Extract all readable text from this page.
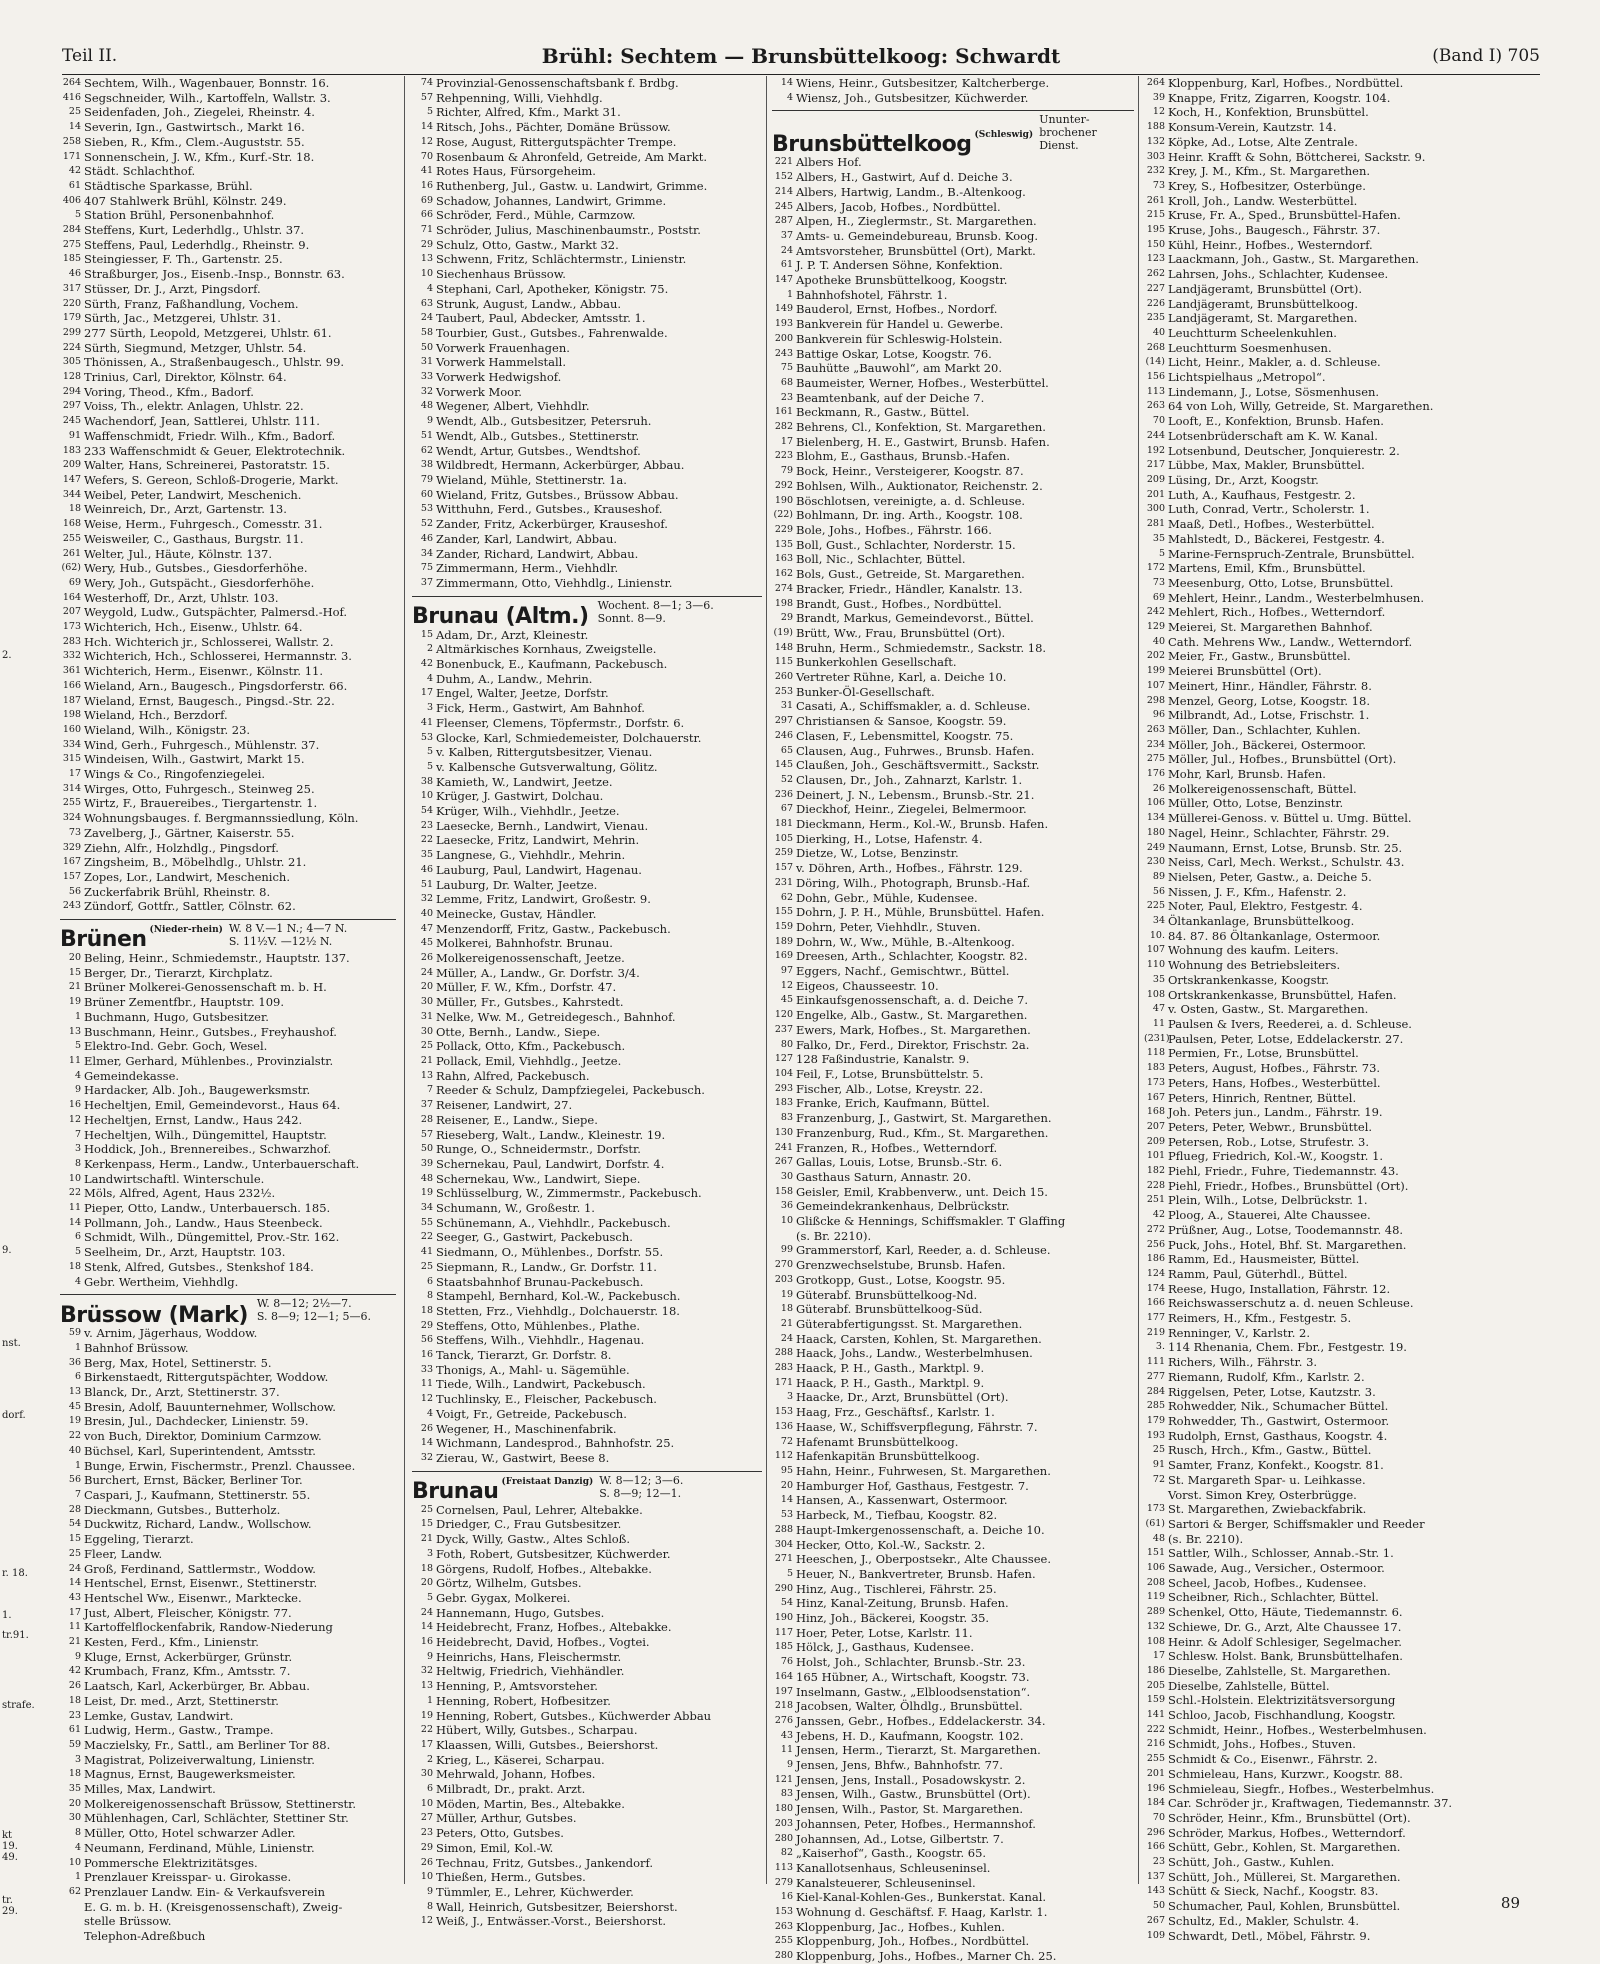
Teil II.	Brühl: Sechtem — Brunsbüttelkoog: Schwardt	(Band I) 705
2.
9.
nst.
dorf.
r. 18.
1.
tr.91.
strafe.
kt 19.
49.
tr. 29.
264 Sechtem, Wilh., Wagenbauer, Bonnstr. 16.
416 Segschneider, Wilh., Kartoffeln, Wallstr. 3.
25 Seidenfaden, Joh., Ziegelei, Rheinstr. 4.
14 Severin, Ign., Gastwirtsch., Markt 16.
258 Sieben, R., Kfm., Clem.-Auguststr. 55.
171 Sonnenschein, J. W., Kfm., Kurf.-Str. 18.
42 Städt. Schlachthof.
61 Städtische Sparkasse, Brühl.
406 407 Stahlwerk Brühl, Kölnstr. 249.
5 Station Brühl, Personenbahnhof.
284 Steffens, Kurt, Lederhdlg., Uhlstr. 37.
275 Steffens, Paul, Lederhdlg., Rheinstr. 9.
185 Steingiesser, F. Th., Gartenstr. 25.
46 Straßburger, Jos., Eisenb.-Insp., Bonnstr. 63.
317 Stüsser, Dr. J., Arzt, Pingsdorf.
220 Sürth, Franz, Faßhandlung, Vochem.
179 Sürth, Jac., Metzgerei, Uhlstr. 31.
299 277 Sürth, Leopold, Metzgerei, Uhlstr. 61.
224 Sürth, Siegmund, Metzger, Uhlstr. 54.
305 Thönissen, A., Straßenbaugesch., Uhlstr. 99.
128 Trinius, Carl, Direktor, Kölnstr. 64.
294 Voring, Theod., Kfm., Badorf.
297 Voiss, Th., elektr. Anlagen, Uhlstr. 22.
245 Wachendorf, Jean, Sattlerei, Uhlstr. 111.
91 Waffenschmidt, Friedr. Wilh., Kfm., Badorf.
183 233 Waffenschmidt & Geuer, Elektrotechnik.
209 Walter, Hans, Schreinerei, Pastoratstr. 15.
147 Wefers, S. Gereon, Schloß-Drogerie, Markt.
344 Weibel, Peter, Landwirt, Meschenich.
18 Weinreich, Dr., Arzt, Gartenstr. 13.
168 Weise, Herm., Fuhrgesch., Comesstr. 31.
255 Weisweiler, C., Gasthaus, Burgstr. 11.
261 Welter, Jul., Häute, Kölnstr. 137.
(62) Wery, Hub., Gutsbes., Giesdorferhöhe.
69 Wery, Joh., Gutspächt., Giesdorferhöhe.
164 Westerhoff, Dr., Arzt, Uhlstr. 103.
207 Weygold, Ludw., Gutspächter, Palmersd.-Hof.
173 Wichterich, Hch., Eisenw., Uhlstr. 64.
283 Hch. Wichterich jr., Schlosserei, Wallstr. 2.
332 Wichterich, Hch., Schlosserei, Hermannstr. 3.
361 Wichterich, Herm., Eisenwr., Kölnstr. 11.
166 Wieland, Arn., Baugesch., Pingsdorferstr. 66.
187 Wieland, Ernst, Baugesch., Pingsd.-Str. 22.
198 Wieland, Hch., Berzdorf.
160 Wieland, Wilh., Königstr. 23.
334 Wind, Gerh., Fuhrgesch., Mühlenstr. 37.
315 Windeisen, Wilh., Gastwirt, Markt 15.
17 Wings & Co., Ringofenziegelei.
314 Wirges, Otto, Fuhrgesch., Steinweg 25.
255 Wirtz, F., Brauereibes., Tiergartenstr. 1.
324 Wohnungsbauges. f. Bergmannssiedlung, Köln.
73 Zavelberg, J., Gärtner, Kaiserstr. 55.
329 Ziehn, Alfr., Holzhdlg., Pingsdorf.
167 Zingsheim, B., Möbelhdlg., Uhlstr. 21.
157 Zopes, Lor., Landwirt, Meschenich.
56 Zuckerfabrik Brühl, Rheinstr. 8.
243 Zündorf, Gottfr., Sattler, Cölnstr. 62.
Brünen (Nieder-rhein) W. 8 V.—1 N.; 4—7 N.
S. 11½V. —12½ N.
20 Beling, Heinr., Schmiedemstr., Hauptstr. 137.
15 Berger, Dr., Tierarzt, Kirchplatz.
21 Brüner Molkerei-Genossenschaft m. b. H.
19 Brüner Zementfbr., Hauptstr. 109.
1 Buchmann, Hugo, Gutsbesitzer.
13 Buschmann, Heinr., Gutsbes., Freyhaushof.
5 Elektro-Ind. Gebr. Goch, Wesel.
11 Elmer, Gerhard, Mühlenbes., Provinzialstr.
4 Gemeindekasse.
9 Hardacker, Alb. Joh., Baugewerksmstr.
16 Hecheltjen, Emil, Gemeindevorst., Haus 64.
12 Hecheltjen, Ernst, Landw., Haus 242.
7 Hecheltjen, Wilh., Düngemittel, Hauptstr.
3 Hoddick, Joh., Brennereibes., Schwarzhof.
8 Kerkenpass, Herm., Landw., Unterbauerschaft.
10 Landwirtschaftl. Winterschule.
22 Möls, Alfred, Agent, Haus 232½.
11 Pieper, Otto, Landw., Unterbauersch. 185.
14 Pollmann, Joh., Landw., Haus Steenbeck.
6 Schmidt, Wilh., Düngemittel, Prov.-Str. 162.
5 Seelheim, Dr., Arzt, Hauptstr. 103.
18 Stenk, Alfred, Gutsbes., Stenkshof 184.
4 Gebr. Wertheim, Viehhdlg.
Brüssow (Mark) W. 8—12; 2½—7.
S. 8—9; 12—1; 5—6.
59 v. Arnim, Jägerhaus, Woddow.
1 Bahnhof Brüssow.
36 Berg, Max, Hotel, Settinerstr. 5.
6 Birkenstaedt, Rittergutspächter, Woddow.
13 Blanck, Dr., Arzt, Stettinerstr. 37.
45 Bresin, Adolf, Bauunternehmer, Wollschow.
19 Bresin, Jul., Dachdecker, Linienstr. 59.
22 von Buch, Direktor, Dominium Carmzow.
40 Büchsel, Karl, Superintendent, Amtsstr.
1 Bunge, Erwin, Fischermstr., Prenzl. Chaussee.
56 Burchert, Ernst, Bäcker, Berliner Tor.
7 Caspari, J., Kaufmann, Stettinerstr. 55.
28 Dieckmann, Gutsbes., Butterholz.
54 Duckwitz, Richard, Landw., Wollschow.
15 Eggeling, Tierarzt.
25 Fleer, Landw.
24 Groß, Ferdinand, Sattlermstr., Woddow.
14 Hentschel, Ernst, Eisenwr., Stettinerstr.
43 Hentschel Ww., Eisenwr., Marktecke.
17 Just, Albert, Fleischer, Königstr. 77.
11 Kartoffelflockenfabrik, Randow-Niederung
21 Kesten, Ferd., Kfm., Linienstr.
9 Kluge, Ernst, Ackerbürger, Grünstr.
42 Krumbach, Franz, Kfm., Amtsstr. 7.
26 Laatsch, Karl, Ackerbürger, Br. Abbau.
18 Leist, Dr. med., Arzt, Stettinerstr.
23 Lemke, Gustav, Landwirt.
61 Ludwig, Herm., Gastw., Trampe.
59 Maczielsky, Fr., Sattl., am Berliner Tor 88.
3 Magistrat, Polizeiverwaltung, Linienstr.
18 Magnus, Ernst, Baugewerksmeister.
35 Milles, Max, Landwirt.
20 Molkereigenossenschaft Brüssow, Stettinerstr.
30 Mühlenhagen, Carl, Schlächter, Stettiner Str.
8 Müller, Otto, Hotel schwarzer Adler.
4 Neumann, Ferdinand, Mühle, Linienstr.
10 Pommersche Elektrizitätsges.
1 Prenzlauer Kreisspar- u. Girokasse.
62 Prenzlauer Landw. Ein- & Verkaufsverein
E. G. m. b. H. (Kreisgenossenschaft), Zweig-
stelle Brüssow.
Telephon-Adreßbuch
74 Provinzial-Genossenschaftsbank f. Brdbg.
57 Rehpenning, Willi, Viehhdlg.
5 Richter, Alfred, Kfm., Markt 31.
14 Ritsch, Johs., Pächter, Domäne Brüssow.
12 Rose, August, Rittergutspächter Trempe.
70 Rosenbaum & Ahronfeld, Getreide, Am Markt.
41 Rotes Haus, Fürsorgeheim.
16 Ruthenberg, Jul., Gastw. u. Landwirt, Grimme.
69 Schadow, Johannes, Landwirt, Grimme.
66 Schröder, Ferd., Mühle, Carmzow.
71 Schröder, Julius, Maschinenbaumstr., Poststr.
29 Schulz, Otto, Gastw., Markt 32.
13 Schwenn, Fritz, Schlächtermstr., Linienstr.
10 Siechenhaus Brüssow.
4 Stephani, Carl, Apotheker, Königstr. 75.
63 Strunk, August, Landw., Abbau.
24 Taubert, Paul, Abdecker, Amtsstr. 1.
58 Tourbier, Gust., Gutsbes., Fahrenwalde.
50 Vorwerk Frauenhagen.
31 Vorwerk Hammelstall.
33 Vorwerk Hedwigshof.
32 Vorwerk Moor.
48 Wegener, Albert, Viehhdlr.
9 Wendt, Alb., Gutsbesitzer, Petersruh.
51 Wendt, Alb., Gutsbes., Stettinerstr.
62 Wendt, Artur, Gutsbes., Wendtshof.
38 Wildbredt, Hermann, Ackerbürger, Abbau.
79 Wieland, Mühle, Stettinerstr. 1a.
60 Wieland, Fritz, Gutsbes., Brüssow Abbau.
53 Witthuhn, Ferd., Gutsbes., Krauseshof.
52 Zander, Fritz, Ackerbürger, Krauseshof.
46 Zander, Karl, Landwirt, Abbau.
34 Zander, Richard, Landwirt, Abbau.
75 Zimmermann, Herm., Viehhdlr.
37 Zimmermann, Otto, Viehhdlg., Linienstr.
Brunau (Altm.) Wochent. 8—1; 3—6.
Sonnt. 8—9.
15 Adam, Dr., Arzt, Kleinestr.
2 Altmärkisches Kornhaus, Zweigstelle.
42 Bonenbuck, E., Kaufmann, Packebusch.
4 Duhm, A., Landw., Mehrin.
17 Engel, Walter, Jeetze, Dorfstr.
3 Fick, Herm., Gastwirt, Am Bahnhof.
41 Fleenser, Clemens, Töpfermstr., Dorfstr. 6.
53 Glocke, Karl, Schmiedemeister, Dolchauerstr.
5 v. Kalben, Rittergutsbesitzer, Vienau.
5 v. Kalbensche Gutsverwaltung, Gölitz.
38 Kamieth, W., Landwirt, Jeetze.
10 Krüger, J. Gastwirt, Dolchau.
54 Krüger, Wilh., Viehhdlr., Jeetze.
23 Laesecke, Bernh., Landwirt, Vienau.
22 Laesecke, Fritz, Landwirt, Mehrin.
35 Langnese, G., Viehhdlr., Mehrin.
46 Lauburg, Paul, Landwirt, Hagenau.
51 Lauburg, Dr. Walter, Jeetze.
32 Lemme, Fritz, Landwirt, Großestr. 9.
40 Meinecke, Gustav, Händler.
47 Menzendorff, Fritz, Gastw., Packebusch.
45 Molkerei, Bahnhofstr. Brunau.
26 Molkereigenossenschaft, Jeetze.
24 Müller, A., Landw., Gr. Dorfstr. 3/4.
20 Müller, F. W., Kfm., Dorfstr. 47.
30 Müller, Fr., Gutsbes., Kahrstedt.
31 Nelke, Ww. M., Getreidegesch., Bahnhof.
30 Otte, Bernh., Landw., Siepe.
25 Pollack, Otto, Kfm., Packebusch.
21 Pollack, Emil, Viehhdlg., Jeetze.
13 Rahn, Alfred, Packebusch.
7 Reeder & Schulz, Dampfziegelei, Packebusch.
37 Reisener, Landwirt, 27.
28 Reisener, E., Landw., Siepe.
57 Rieseberg, Walt., Landw., Kleinestr. 19.
50 Runge, O., Schneidermstr., Dorfstr.
39 Schernekau, Paul, Landwirt, Dorfstr. 4.
48 Schernekau, Ww., Landwirt, Siepe.
19 Schlüsselburg, W., Zimmermstr., Packebusch.
34 Schumann, W., Großestr. 1.
55 Schünemann, A., Viehhdlr., Packebusch.
22 Seeger, G., Gastwirt, Packebusch.
41 Siedmann, O., Mühlenbes., Dorfstr. 55.
25 Siepmann, R., Landw., Gr. Dorfstr. 11.
6 Staatsbahnhof Brunau-Packebusch.
8 Stampehl, Bernhard, Kol.-W., Packebusch.
18 Stetten, Frz., Viehhdlg., Dolchauerstr. 18.
29 Steffens, Otto, Mühlenbes., Plathe.
56 Steffens, Wilh., Viehhdlr., Hagenau.
16 Tanck, Tierarzt, Gr. Dorfstr. 8.
33 Thonigs, A., Mahl- u. Sägemühle.
11 Tiede, Wilh., Landwirt, Packebusch.
12 Tuchlinsky, E., Fleischer, Packebusch.
4 Voigt, Fr., Getreide, Packebusch.
26 Wegener, H., Maschinenfabrik.
14 Wichmann, Landesprod., Bahnhofstr. 25.
32 Zierau, W., Gastwirt, Beese 8.
Brunau (Freistaat Danzig) W. 8—12; 3—6.
S. 8—9; 12—1.
25 Cornelsen, Paul, Lehrer, Altebakke.
15 Driedger, C., Frau Gutsbesitzer.
21 Dyck, Willy, Gastw., Altes Schloß.
3 Foth, Robert, Gutsbesitzer, Küchwerder.
18 Görgens, Rudolf, Hofbes., Altebakke.
20 Görtz, Wilhelm, Gutsbes.
5 Gebr. Gygax, Molkerei.
24 Hannemann, Hugo, Gutsbes.
14 Heidebrecht, Franz, Hofbes., Altebakke.
16 Heidebrecht, David, Hofbes., Vogtei.
9 Heinrichs, Hans, Fleischermstr.
32 Heltwig, Friedrich, Viehhändler.
13 Henning, P., Amtsvorsteher.
1 Henning, Robert, Hofbesitzer.
19 Henning, Robert, Gutsbes., Küchwerder Abbau
22 Hübert, Willy, Gutsbes., Scharpau.
17 Klaassen, Willi, Gutsbes., Beiershorst.
2 Krieg, L., Käserei, Scharpau.
30 Mehrwald, Johann, Hofbes.
6 Milbradt, Dr., prakt. Arzt.
10 Möden, Martin, Bes., Altebakke.
27 Müller, Arthur, Gutsbes.
23 Peters, Otto, Gutsbes.
29 Simon, Emil, Kol.-W.
26 Technau, Fritz, Gutsbes., Jankendorf.
10 Thießen, Herm., Gutsbes.
9 Tümmler, E., Lehrer, Küchwerder.
8 Wall, Heinrich, Gutsbesitzer, Beiershorst.
12 Weiß, J., Entwässer.-Vorst., Beiershorst.
14 Wiens, Heinr., Gutsbesitzer, Kaltcherberge.
4 Wiensz, Joh., Gutsbesitzer, Küchwerder.
Brunsbüttelkoog (Schleswig)
Ununter-
brochener Dienst.
221 Albers Hof.
152 Albers, H., Gastwirt, Auf d. Deiche 3.
214 Albers, Hartwig, Landm., B.-Altenkoog.
245 Albers, Jacob, Hofbes., Nordbüttel.
287 Alpen, H., Zieglermstr., St. Margarethen.
37 Amts- u. Gemeindebureau, Brunsb. Koog.
24 Amtsvorsteher, Brunsbüttel (Ort), Markt.
61 J. P. T. Andersen Söhne, Konfektion.
147 Apotheke Brunsbüttelkoog, Koogstr.
1 Bahnhofshotel, Fährstr. 1.
149 Bauderol, Ernst, Hofbes., Nordorf.
193 Bankverein für Handel u. Gewerbe.
200 Bankverein für Schleswig-Holstein.
243 Battige Oskar, Lotse, Koogstr. 76.
75 Bauhütte „Bauwohl“, am Markt 20.
68 Baumeister, Werner, Hofbes., Westerbüttel.
23 Beamtenbank, auf der Deiche 7.
161 Beckmann, R., Gastw., Büttel.
282 Behrens, Cl., Konfektion, St. Margarethen.
17 Bielenberg, H. E., Gastwirt, Brunsb. Hafen.
223 Blohm, E., Gasthaus, Brunsb.-Hafen.
79 Bock, Heinr., Versteigerer, Koogstr. 87.
292 Bohlsen, Wilh., Auktionator, Reichenstr. 2.
190 Böschlotsen, vereinigte, a. d. Schleuse.
(22) Bohlmann, Dr. ing. Arth., Koogstr. 108.
229 Bole, Johs., Hofbes., Fährstr. 166.
135 Boll, Gust., Schlachter, Norderstr. 15.
163 Boll, Nic., Schlachter, Büttel.
162 Bols, Gust., Getreide, St. Margarethen.
274 Bracker, Friedr., Händler, Kanalstr. 13.
198 Brandt, Gust., Hofbes., Nordbüttel.
29 Brandt, Markus, Gemeindevorst., Büttel.
(19) Brütt, Ww., Frau, Brunsbüttel (Ort).
148 Bruhn, Herm., Schmiedemstr., Sackstr. 18.
115 Bunkerkohlen Gesellschaft.
260 Vertreter Rühne, Karl, a. Deiche 10.
253 Bunker-Öl-Gesellschaft.
31 Casati, A., Schiffsmakler, a. d. Schleuse.
297 Christiansen & Sansoe, Koogstr. 59.
246 Clasen, F., Lebensmittel, Koogstr. 75.
65 Clausen, Aug., Fuhrwes., Brunsb. Hafen.
145 Claußen, Joh., Geschäftsvermitt., Sackstr.
52 Clausen, Dr., Joh., Zahnarzt, Karlstr. 1.
236 Deinert, J. N., Lebensm., Brunsb.-Str. 21.
67 Dieckhof, Heinr., Ziegelei, Belmermoor.
181 Dieckmann, Herm., Kol.-W., Brunsb. Hafen.
105 Dierking, H., Lotse, Hafenstr. 4.
259 Dietze, W., Lotse, Benzinstr.
157 v. Döhren, Arth., Hofbes., Fährstr. 129.
231 Döring, Wilh., Photograph, Brunsb.-Haf.
62 Dohn, Gebr., Mühle, Kudensee.
155 Dohrn, J. P. H., Mühle, Brunsbüttel. Hafen.
159 Dohrn, Peter, Viehhdlr., Stuven.
189 Dohrn, W., Ww., Mühle, B.-Altenkoog.
169 Dreesen, Arth., Schlachter, Koogstr. 82.
97 Eggers, Nachf., Gemischtwr., Büttel.
12 Eigeos, Chausseestr. 10.
45 Einkaufsgenossenschaft, a. d. Deiche 7.
120 Engelke, Alb., Gastw., St. Margarethen.
237 Ewers, Mark, Hofbes., St. Margarethen.
80 Falko, Dr., Ferd., Direktor, Frischstr. 2a.
127 128 Faßindustrie, Kanalstr. 9.
104 Feil, F., Lotse, Brunsbüttelstr. 5.
293 Fischer, Alb., Lotse, Kreystr. 22.
183 Franke, Erich, Kaufmann, Büttel.
83 Franzenburg, J., Gastwirt, St. Margarethen.
130 Franzenburg, Rud., Kfm., St. Margarethen.
241 Franzen, R., Hofbes., Wetterndorf.
267 Gallas, Louis, Lotse, Brunsb.-Str. 6.
30 Gasthaus Saturn, Annastr. 20.
158 Geisler, Emil, Krabbenverw., unt. Deich 15.
36 Gemeindekrankenhaus, Delbrückstr.
10 Glißcke & Hennings, Schiffsmakler. T Glaffing
(s. Br. 2210).
99 Grammerstorf, Karl, Reeder, a. d. Schleuse.
270 Grenzwechselstube, Brunsb. Hafen.
203 Grotkopp, Gust., Lotse, Koogstr. 95.
19 Güterabf. Brunsbüttelkoog-Nd.
18 Güterabf. Brunsbüttelkoog-Süd.
21 Güterabfertigungsst. St. Margarethen.
24 Haack, Carsten, Kohlen, St. Margarethen.
288 Haack, Johs., Landw., Westerbelmhusen.
283 Haack, P. H., Gasth., Marktpl. 9.
171 Haack, P. H., Gasth., Marktpl. 9.
3 Haacke, Dr., Arzt, Brunsbüttel (Ort).
153 Haag, Frz., Geschäftsf., Karlstr. 1.
136 Haase, W., Schiffsverpflegung, Fährstr. 7.
72 Hafenamt Brunsbüttelkoog.
112 Hafenkapitän Brunsbüttelkoog.
95 Hahn, Heinr., Fuhrwesen, St. Margarethen.
20 Hamburger Hof, Gasthaus, Festgestr. 7.
14 Hansen, A., Kassenwart, Ostermoor.
53 Harbeck, M., Tiefbau, Koogstr. 82.
288 Haupt-Imkergenossenschaft, a. Deiche 10.
304 Hecker, Otto, Kol.-W., Sackstr. 2.
271 Heeschen, J., Oberpostsekr., Alte Chaussee.
5 Heuer, N., Bankvertreter, Brunsb. Hafen.
290 Hinz, Aug., Tischlerei, Fährstr. 25.
54 Hinz, Kanal-Zeitung, Brunsb. Hafen.
190 Hinz, Joh., Bäckerei, Koogstr. 35.
117 Hoer, Peter, Lotse, Karlstr. 11.
185 Hölck, J., Gasthaus, Kudensee.
76 Holst, Joh., Schlachter, Brunsb.-Str. 23.
164 165 Hübner, A., Wirtschaft, Koogstr. 73.
197 Inselmann, Gastw., „Elbloodsenstation“.
218 Jacobsen, Walter, Ölhdlg., Brunsbüttel.
276 Janssen, Gebr., Hofbes., Eddelackerstr. 34.
43 Jebens, H. D., Kaufmann, Koogstr. 102.
11 Jensen, Herm., Tierarzt, St. Margarethen.
9 Jensen, Jens, Bhfw., Bahnhofstr. 77.
121 Jensen, Jens, Install., Posadowskystr. 2.
83 Jensen, Wilh., Gastw., Brunsbüttel (Ort).
180 Jensen, Wilh., Pastor, St. Margarethen.
203 Johannsen, Peter, Hofbes., Hermannshof.
280 Johannsen, Ad., Lotse, Gilbertstr. 7.
82 „Kaiserhof“, Gasth., Koogstr. 65.
113 Kanallotsenhaus, Schleuseninsel.
279 Kanalsteuerer, Schleuseninsel.
16 Kiel-Kanal-Kohlen-Ges., Bunkerstat. Kanal.
153 Wohnung d. Geschäftsf. F. Haag, Karlstr. 1.
263 Kloppenburg, Jac., Hofbes., Kuhlen.
255 Kloppenburg, Joh., Hofbes., Nordbüttel.
280 Kloppenburg, Johs., Hofbes., Marner Ch. 25.
264 Kloppenburg, Karl, Hofbes., Nordbüttel.
39 Knappe, Fritz, Zigarren, Koogstr. 104.
12 Koch, H., Konfektion, Brunsbüttel.
188 Konsum-Verein, Kautzstr. 14.
132 Köpke, Ad., Lotse, Alte Zentrale.
303 Heinr. Krafft & Sohn, Böttcherei, Sackstr. 9.
232 Krey, J. M., Kfm., St. Margarethen.
73 Krey, S., Hofbesitzer, Osterbünge.
261 Kroll, Joh., Landw. Westerbüttel.
215 Kruse, Fr. A., Sped., Brunsbüttel-Hafen.
195 Kruse, Johs., Baugesch., Fährstr. 37.
150 Kühl, Heinr., Hofbes., Westerndorf.
123 Laackmann, Joh., Gastw., St. Margarethen.
262 Lahrsen, Johs., Schlachter, Kudensee.
227 Landjägeramt, Brunsbüttel (Ort).
226 Landjägeramt, Brunsbüttelkoog.
235 Landjägeramt, St. Margarethen.
40 Leuchtturm Scheelenkuhlen.
268 Leuchtturm Soesmenhusen.
(14) Licht, Heinr., Makler, a. d. Schleuse.
156 Lichtspielhaus „Metropol“.
113 Lindemann, J., Lotse, Sösmenhusen.
263 64 von Loh, Willy, Getreide, St. Margarethen.
70 Looft, E., Konfektion, Brunsb. Hafen.
244 Lotsenbrüderschaft am K. W. Kanal.
192 Lotsenbund, Deutscher, Jonquierestr. 2.
217 Lübbe, Max, Makler, Brunsbüttel.
209 Lüsing, Dr., Arzt, Koogstr.
201 Luth, A., Kaufhaus, Festgestr. 2.
300 Luth, Conrad, Vertr., Scholerstr. 1.
281 Maaß, Detl., Hofbes., Westerbüttel.
35 Mahlstedt, D., Bäckerei, Festgestr. 4.
5 Marine-Fernspruch-Zentrale, Brunsbüttel.
172 Martens, Emil, Kfm., Brunsbüttel.
73 Meesenburg, Otto, Lotse, Brunsbüttel.
69 Mehlert, Heinr., Landm., Westerbelmhusen.
242 Mehlert, Rich., Hofbes., Wetterndorf.
129 Meierei, St. Margarethen Bahnhof.
40 Cath. Mehrens Ww., Landw., Wetterndorf.
202 Meier, Fr., Gastw., Brunsbüttel.
199 Meierei Brunsbüttel (Ort).
107 Meinert, Hinr., Händler, Fährstr. 8.
298 Menzel, Georg, Lotse, Koogstr. 18.
96 Milbrandt, Ad., Lotse, Frischstr. 1.
263 Möller, Dan., Schlachter, Kuhlen.
234 Möller, Joh., Bäckerei, Ostermoor.
275 Möller, Jul., Hofbes., Brunsbüttel (Ort).
176 Mohr, Karl, Brunsb. Hafen.
26 Molkereigenossenschaft, Büttel.
106 Müller, Otto, Lotse, Benzinstr.
134 Müllerei-Genoss. v. Büttel u. Umg. Büttel.
180 Nagel, Heinr., Schlachter, Fährstr. 29.
249 Naumann, Ernst, Lotse, Brunsb. Str. 25.
230 Neiss, Carl, Mech. Werkst., Schulstr. 43.
89 Nielsen, Peter, Gastw., a. Deiche 5.
56 Nissen, J. F., Kfm., Hafenstr. 2.
225 Noter, Paul, Elektro, Festgestr. 4.
34 Öltankanlage, Brunsbüttelkoog.
10. 84. 87. 86 Öltankanlage, Ostermoor.
107 Wohnung des kaufm. Leiters.
110 Wohnung des Betriebsleiters.
35 Ortskrankenkasse, Koogstr.
108 Ortskrankenkasse, Brunsbüttel, Hafen.
47 v. Osten, Gastw., St. Margarethen.
11 Paulsen & Ivers, Reederei, a. d. Schleuse.
(231)
Paulsen, Peter, Lotse, Eddelackerstr. 27.
118 Permien, Fr., Lotse, Brunsbüttel.
183 Peters, August, Hofbes., Fährstr. 73.
173 Peters, Hans, Hofbes., Westerbüttel.
167 Peters, Hinrich, Rentner, Büttel.
168 Joh. Peters jun., Landm., Fährstr. 19.
207 Peters, Peter, Webwr., Brunsbüttel.
209 Petersen, Rob., Lotse, Strufestr. 3.
101 Pflueg, Friedrich, Kol.-W., Koogstr. 1.
182 Piehl, Friedr., Fuhre, Tiedemannstr. 43.
228 Piehl, Friedr., Hofbes., Brunsbüttel (Ort).
251 Plein, Wilh., Lotse, Delbrückstr. 1.
42 Ploog, A., Stauerei, Alte Chaussee.
272 Prüßner, Aug., Lotse, Toodemannstr. 48.
256 Puck, Johs., Hotel, Bhf. St. Margarethen.
186 Ramm, Ed., Hausmeister, Büttel.
124 Ramm, Paul, Güterhdl., Büttel.
174 Reese, Hugo, Installation, Fährstr. 12.
166 Reichswasserschutz a. d. neuen Schleuse.
177 Reimers, H., Kfm., Festgestr. 5.
219 Renninger, V., Karlstr. 2.
3. 114 Rhenania, Chem. Fbr., Festgestr. 19.
111 Richers, Wilh., Fährstr. 3.
277 Riemann, Rudolf, Kfm., Karlstr. 2.
284 Riggelsen, Peter, Lotse, Kautzstr. 3.
285 Rohwedder, Nik., Schumacher Büttel.
179 Rohwedder, Th., Gastwirt, Ostermoor.
193 Rudolph, Ernst, Gasthaus, Koogstr. 4.
25 Rusch, Hrch., Kfm., Gastw., Büttel.
91 Samter, Franz, Konfekt., Koogstr. 81.
72 St. Margareth Spar- u. Leihkasse.
Vorst. Simon Krey, Osterbrügge.
173 St. Margarethen, Zwiebackfabrik.
(61) Sartori & Berger, Schiffsmakler und Reeder
48 (s. Br. 2210).
151 Sattler, Wilh., Schlosser, Annab.-Str. 1.
106 Sawade, Aug., Versicher., Ostermoor.
208 Scheel, Jacob, Hofbes., Kudensee.
119 Scheibner, Rich., Schlachter, Büttel.
289 Schenkel, Otto, Häute, Tiedemannstr. 6.
132 Schiewe, Dr. G., Arzt, Alte Chaussee 17.
108 Heinr. & Adolf Schlesiger, Segelmacher.
17 Schlesw. Holst. Bank, Brunsbüttelhafen.
186 Dieselbe, Zahlstelle, St. Margarethen.
205 Dieselbe, Zahlstelle, Büttel.
159 Schl.-Holstein. Elektrizitätsversorgung
141 Schloo, Jacob, Fischhandlung, Koogstr.
222 Schmidt, Heinr., Hofbes., Westerbelmhusen.
216 Schmidt, Johs., Hofbes., Stuven.
255 Schmidt & Co., Eisenwr., Fährstr. 2.
201 Schmieleau, Hans, Kurzwr., Koogstr. 88.
196 Schmieleau, Siegfr., Hofbes., Westerbelmhus.
184 Car. Schröder jr., Kraftwagen, Tiedemannstr. 37.
70 Schröder, Heinr., Kfm., Brunsbüttel (Ort).
296 Schröder, Markus, Hofbes., Wetterndorf.
166 Schütt, Gebr., Kohlen, St. Margarethen.
23 Schütt, Joh., Gastw., Kuhlen.
137 Schütt, Joh., Müllerei, St. Margarethen.
143 Schütt & Sieck, Nachf., Koogstr. 83.
50 Schumacher, Paul, Kohlen, Brunsbüttel.
267 Schultz, Ed., Makler, Schulstr. 4.
109 Schwardt, Detl., Möbel, Fährstr. 9.
89
